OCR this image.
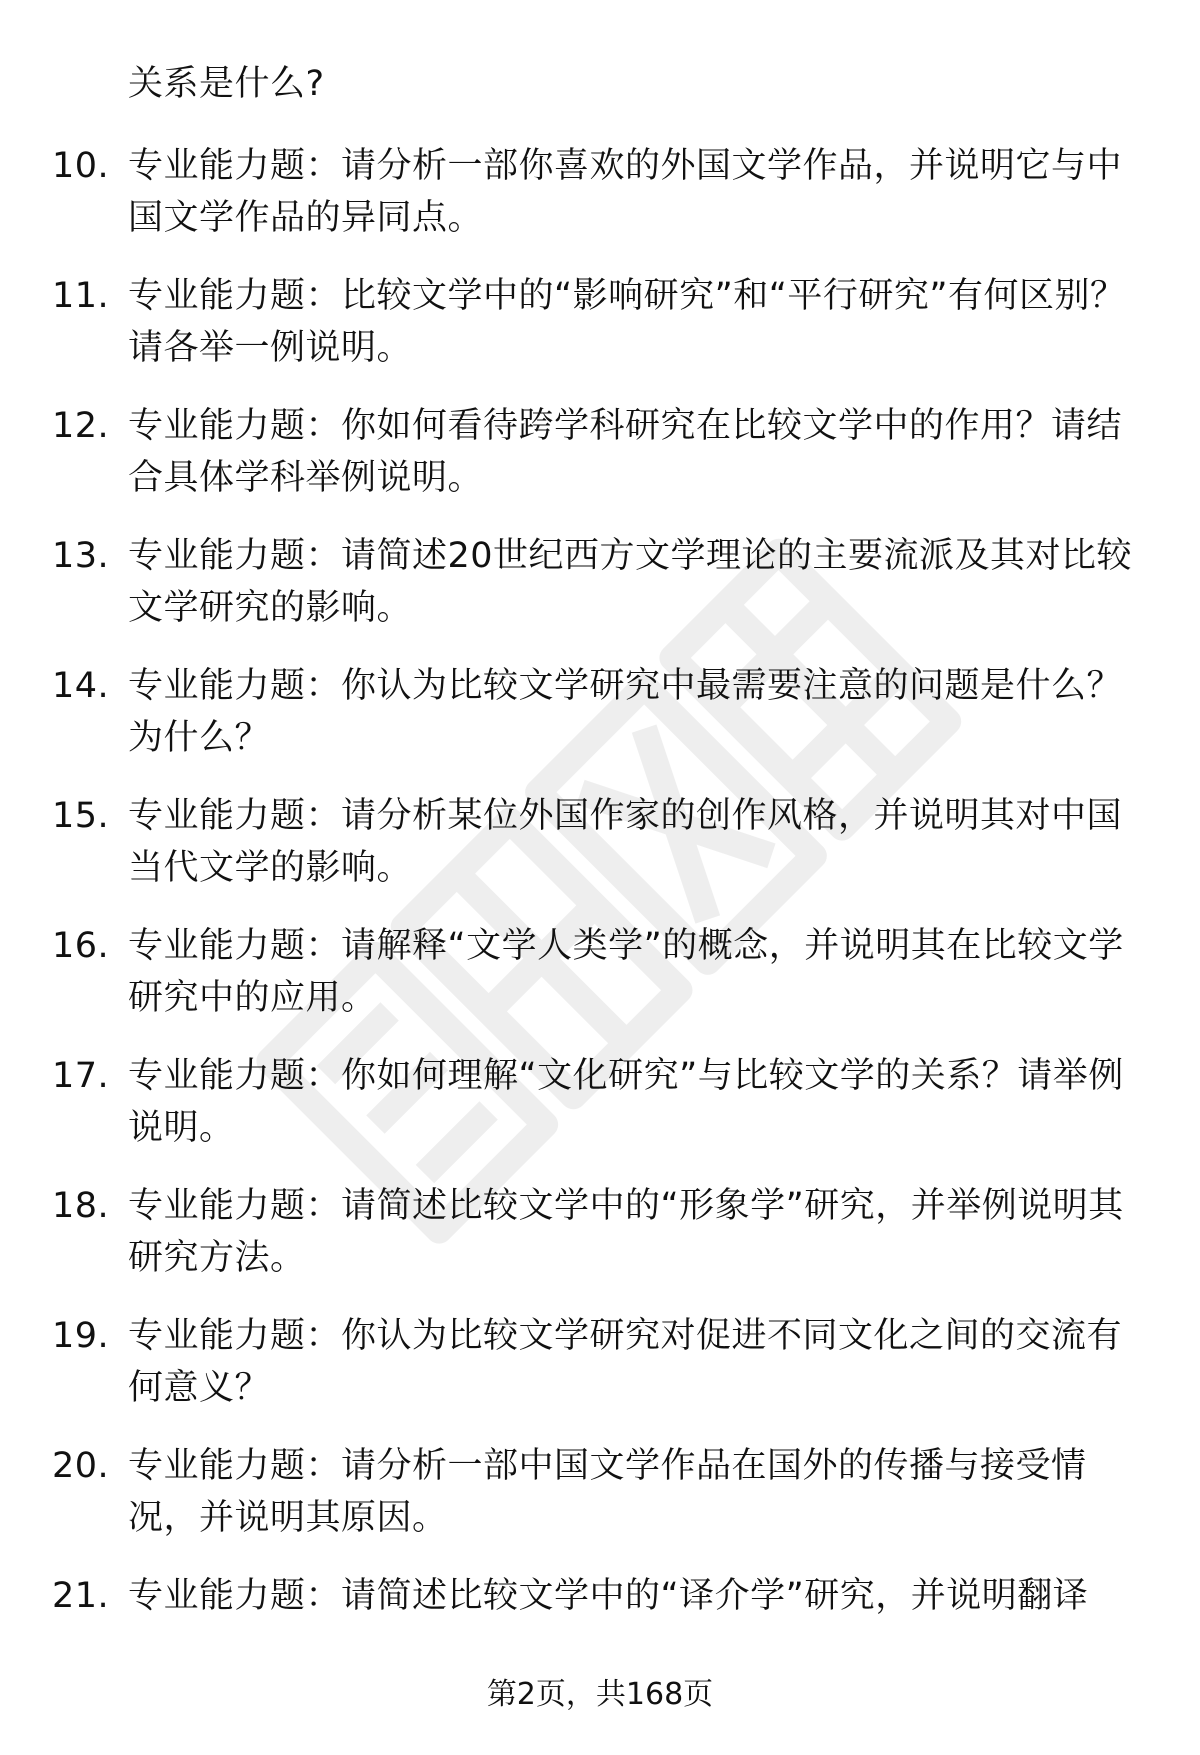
关系是什么?
10. 专业能力题：请分析一部你喜欢的外国文学作品，并说明它与中国文学作品的异同点。
11. 专业能力题：比较文学中的“影响研究”和“平行研究”有何区别？请各举一例说明。
12. 专业能力题：你如何看待跨学科研究在比较文学中的作用？请结合具体学科举例说明。
13. 专业能力题：请简述20世纪西方文学理论的主要流派及其对比较文学研究的影响。
14. 专业能力题：你认为比较文学研究中最需要注意的问题是什么？为什么？
15. 专业能力题：请分析某位外国作家的创作风格，并说明其对中国当代文学的影响。
16. 专业能力题：请解释“文学人类学”的概念，并说明其在比较文学研究中的应用。
17. 专业能力题：你如何理解“文化研究”与比较文学的关系？请举例说明。
18. 专业能力题：请简述比较文学中的“形象学”研究，并举例说明其研究方法。
19. 专业能力题：你认为比较文学研究对促进不同文化之间的交流有何意义？
20. 专业能力题：请分析一部中国文学作品在国外的传播与接受情况，并说明其原因。
21. 专业能力题：请简述比较文学中的“译介学”研究，并说明翻译
第2页，共168页
